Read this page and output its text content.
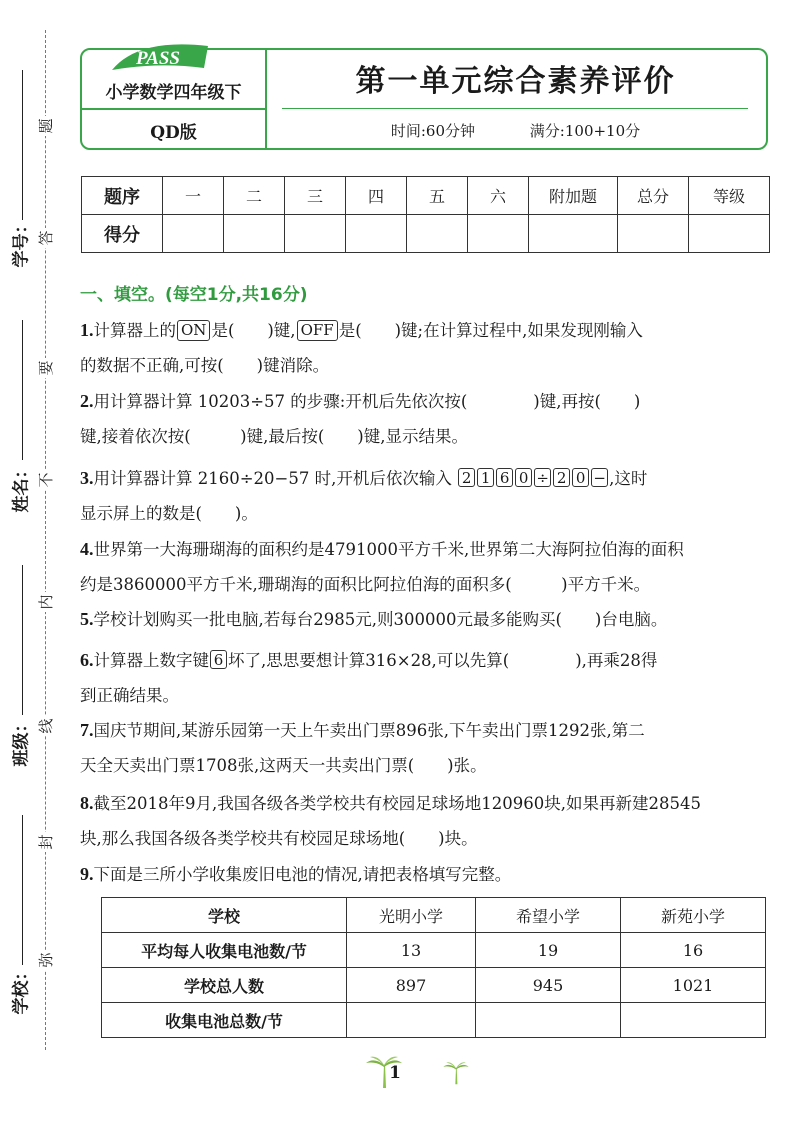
题
答
要
不
内
线
封
弥
学号：
姓名：
班级：
学校：
小学数学四年级下
QD版
第一单元综合素养评价
时间:60分钟	满分:100+10分
PASS
题序	一	二	三	四	五	六	附加题	总分	等级
得分									
一、填空。(每空1分,共16分)
1.计算器上的 ON 是(　　)键, OFF 是(　　)键;在计算过程中,如果发现刚输入
的数据不正确,可按(　　)键消除。
2.用计算器计算 10203÷57 的步骤:开机后先依次按(　　　　)键,再按(　　)
键,接着依次按(　　　)键,最后按(　　)键,显示结果。
3.用计算器计算 2160÷20−57 时,开机后依次输入 2 1 6 0 ÷ 2 0 − ,这时
显示屏上的数是(　　)。
4.世界第一大海珊瑚海的面积约是4791000平方千米,世界第二大海阿拉伯海的面积
约是3860000平方千米,珊瑚海的面积比阿拉伯海的面积多(　　　)平方千米。
5.学校计划购买一批电脑,若每台2985元,则300000元最多能购买(　　)台电脑。
6.计算器上数字键 6 坏了,思思要想计算316×28,可以先算(　　　　),再乘28得
到正确结果。
7.国庆节期间,某游乐园第一天上午卖出门票896张,下午卖出门票1292张,第二
天全天卖出门票1708张,这两天一共卖出门票(　　)张。
8.截至2018年9月,我国各级各类学校共有校园足球场地120960块,如果再新建28545
块,那么我国各级各类学校共有校园足球场地(　　)块。
9.下面是三所小学收集废旧电池的情况,请把表格填写完整。
学校	光明小学	希望小学	新苑小学
平均每人收集电池数/节	13	19	16
学校总人数	897	945	1021
收集电池总数/节			
1
